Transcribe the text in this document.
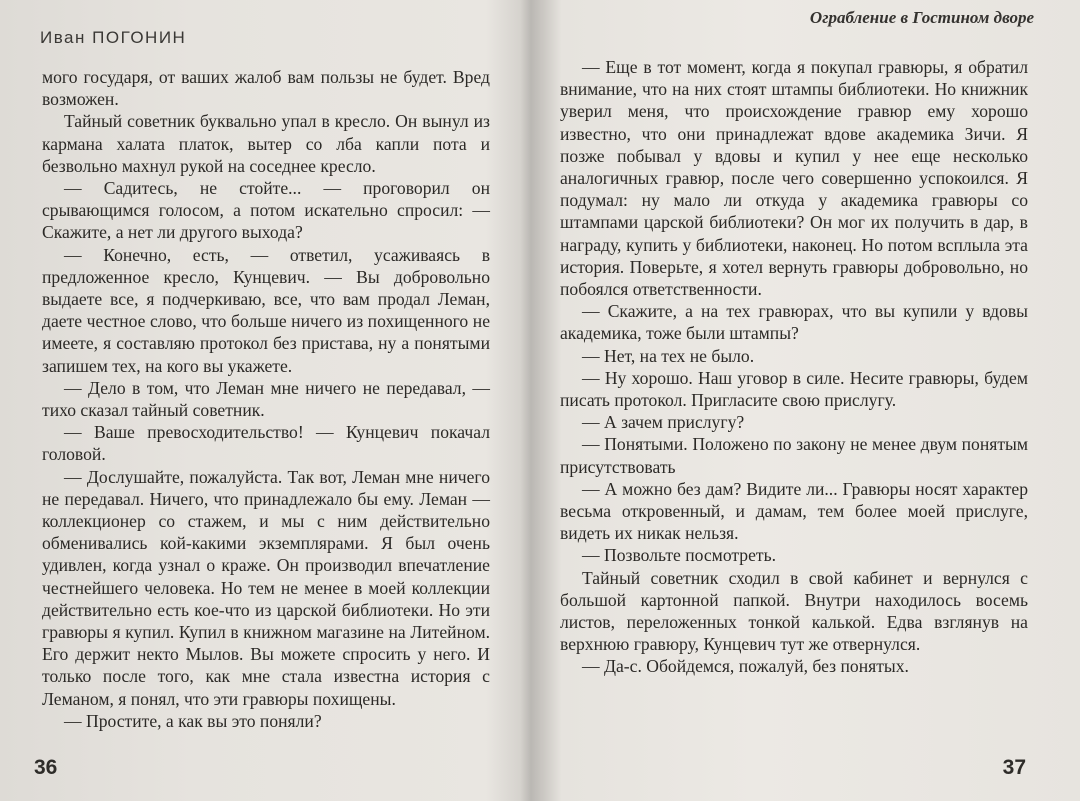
Иван ПОГОНИН

мого государя, от ваших жалоб вам пользы не будет. Вред возможен.

Тайный советник буквально упал в кресло. Он вынул из кармана халата платок, вытер со лба капли пота и безвольно махнул рукой на соседнее кресло.

— Садитесь, не стойте... — проговорил он срывающимся голосом, а потом искательно спросил: — Скажите, а нет ли другого выхода?

— Конечно, есть, — ответил, усаживаясь в предложенное кресло, Кунцевич. — Вы добровольно выдаете все, я подчеркиваю, все, что вам продал Леман, даете честное слово, что больше ничего из похищенного не имеете, я составляю протокол без пристава, ну а понятыми запишем тех, на кого вы укажете.

— Дело в том, что Леман мне ничего не передавал, — тихо сказал тайный советник.

— Ваше превосходительство! — Кунцевич покачал головой.

— Дослушайте, пожалуйста. Так вот, Леман мне ничего не передавал. Ничего, что принадлежало бы ему. Леман — коллекционер со стажем, и мы с ним действительно обменивались кой-какими экземплярами. Я был очень удивлен, когда узнал о краже. Он производил впечатление честнейшего человека. Но тем не менее в моей коллекции действительно есть кое-что из царской библиотеки. Но эти гравюры я купил. Купил в книжном магазине на Литейном. Его держит некто Мылов. Вы можете спросить у него. И только после того, как мне стала известна история с Леманом, я понял, что эти гравюры похищены.

— Простите, а как вы это поняли?

36
Ограбление в Гостином дворе

— Еще в тот момент, когда я покупал гравюры, я обратил внимание, что на них стоят штампы библиотеки. Но книжник уверил меня, что происхождение гравюр ему хорошо известно, что они принадлежат вдове академика Зичи. Я позже побывал у вдовы и купил у нее еще несколько аналогичных гравюр, после чего совершенно успокоился. Я подумал: ну мало ли откуда у академика гравюры со штампами царской библиотеки? Он мог их получить в дар, в награду, купить у библиотеки, наконец. Но потом всплыла эта история. Поверьте, я хотел вернуть гравюры добровольно, но побоялся ответственности.

— Скажите, а на тех гравюрах, что вы купили у вдовы академика, тоже были штампы?

— Нет, на тех не было.

— Ну хорошо. Наш уговор в силе. Несите гравюры, будем писать протокол. Пригласите свою прислугу.

— А зачем прислугу?

— Понятыми. Положено по закону не менее двум понятым присутствовать

— А можно без дам? Видите ли... Гравюры носят характер весьма откровенный, и дамам, тем более моей прислуге, видеть их никак нельзя.

— Позвольте посмотреть.

Тайный советник сходил в свой кабинет и вернулся с большой картонной папкой. Внутри находилось восемь листов, переложенных тонкой калькой. Едва взглянув на верхнюю гравюру, Кунцевич тут же отвернулся.

— Да-с. Обойдемся, пожалуй, без понятых.

37
